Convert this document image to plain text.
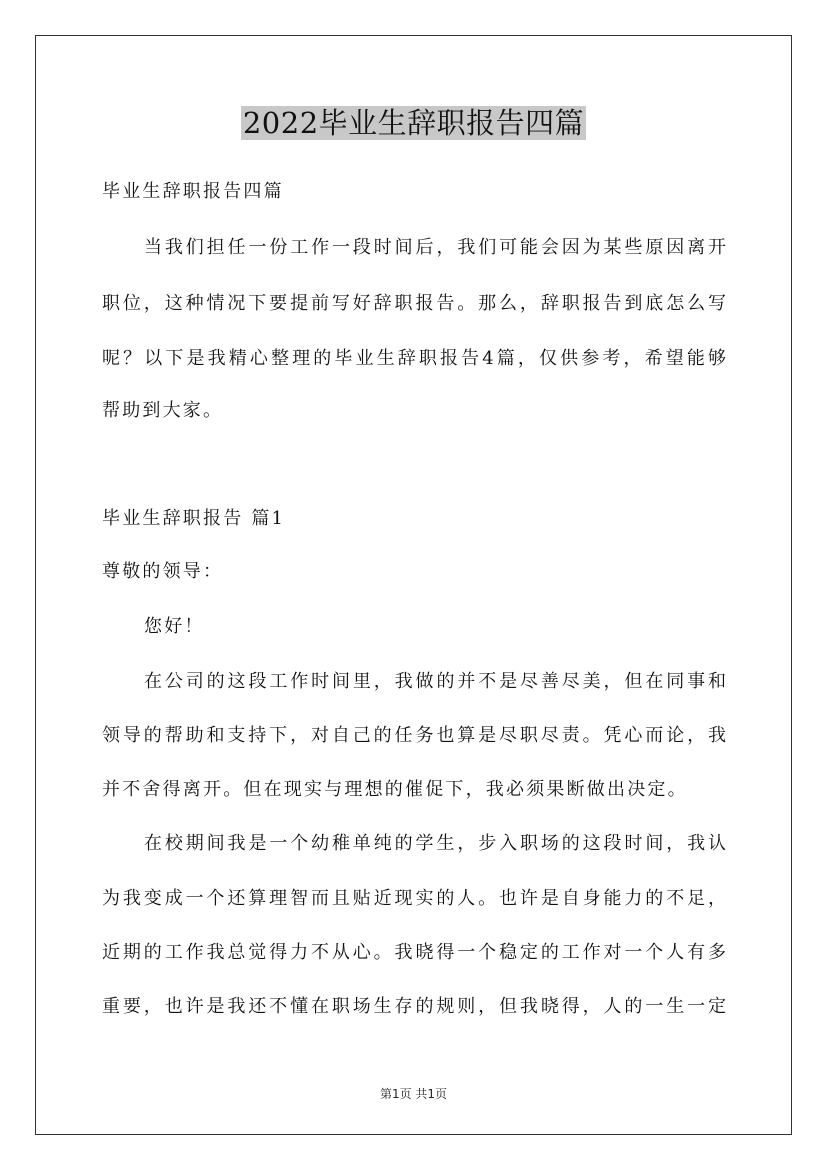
2022毕业生辞职报告四篇
毕业生辞职报告四篇
当我们担任一份工作一段时间后，我们可能会因为某些原因离开
职位，这种情况下要提前写好辞职报告。那么，辞职报告到底怎么写
呢？以下是我精心整理的毕业生辞职报告4篇，仅供参考，希望能够
帮助到大家。
毕业生辞职报告 篇1
尊敬的领导：
您好！
在公司的这段工作时间里，我做的并不是尽善尽美，但在同事和
领导的帮助和支持下，对自己的任务也算是尽职尽责。凭心而论，我
并不舍得离开。但在现实与理想的催促下，我必须果断做出决定。
在校期间我是一个幼稚单纯的学生，步入职场的这段时间，我认
为我变成一个还算理智而且贴近现实的人。也许是自身能力的不足，
近期的工作我总觉得力不从心。我晓得一个稳定的工作对一个人有多
重要，也许是我还不懂在职场生存的规则，但我晓得，人的一生一定
第1页 共1页
